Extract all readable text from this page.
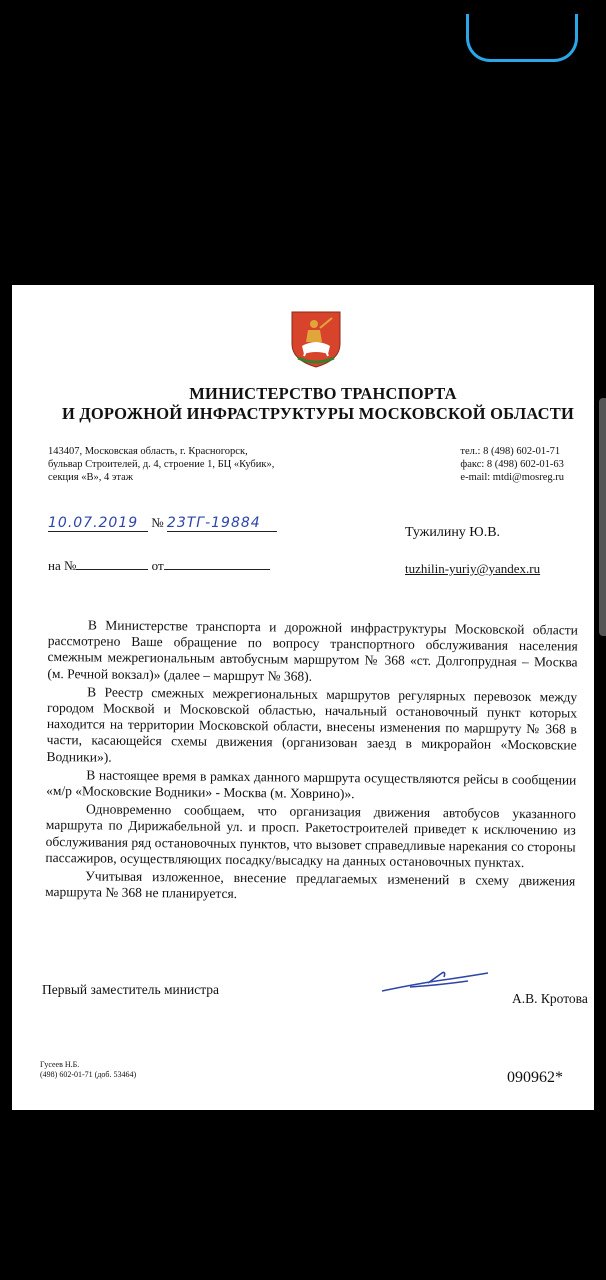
МИНИСТЕРСТВО ТРАНСПОРТА
И ДОРОЖНОЙ ИНФРАСТРУКТУРЫ МОСКОВСКОЙ ОБЛАСТИ
143407, Московская область, г. Красногорск,
бульвар Строителей, д. 4, строение 1, БЦ «Кубик»,
секция «В», 4 этаж
тел.: 8 (498) 602-01-71
факс: 8 (498) 602-01-63
e-mail: mtdi@mosreg.ru
10.07.2019 № 23ТГ-19884
на №	от
Тужилину Ю.В.
tuzhilin-yuriy@yandex.ru

В Министерстве транспорта и дорожной инфраструктуры Московской области рассмотрено Ваше обращение по вопросу транспортного обслуживания населения смежным межрегиональным автобусным маршрутом № 368 «ст. Долгопрудная – Москва (м. Речной вокзал)» (далее – маршрут № 368).

В Реестр смежных межрегиональных маршрутов регулярных перевозок между городом Москвой и Московской областью, начальный остановочный пункт которых находится на территории Московской области, внесены изменения по маршруту № 368 в части, касающейся схемы движения (организован заезд в микрорайон «Московские Водники»).

В настоящее время в рамках данного маршрута осуществляются рейсы в сообщении «м/р «Московские Водники» - Москва (м. Ховрино)».

Одновременно сообщаем, что организация движения автобусов указанного маршрута по Дирижабельной ул. и просп. Ракетостроителей приведет к исключению из обслуживания ряд остановочных пунктов, что вызовет справедливые нарекания со стороны пассажиров, осуществляющих посадку/высадку на данных остановочных пунктах.

Учитывая изложенное, внесение предлагаемых изменений в схему движения маршрута № 368 не планируется.

Первый заместитель министра
А.В. Кротова
Гусеев Н.Б.
(498) 602-01-71 (доб. 53464)	090962*
